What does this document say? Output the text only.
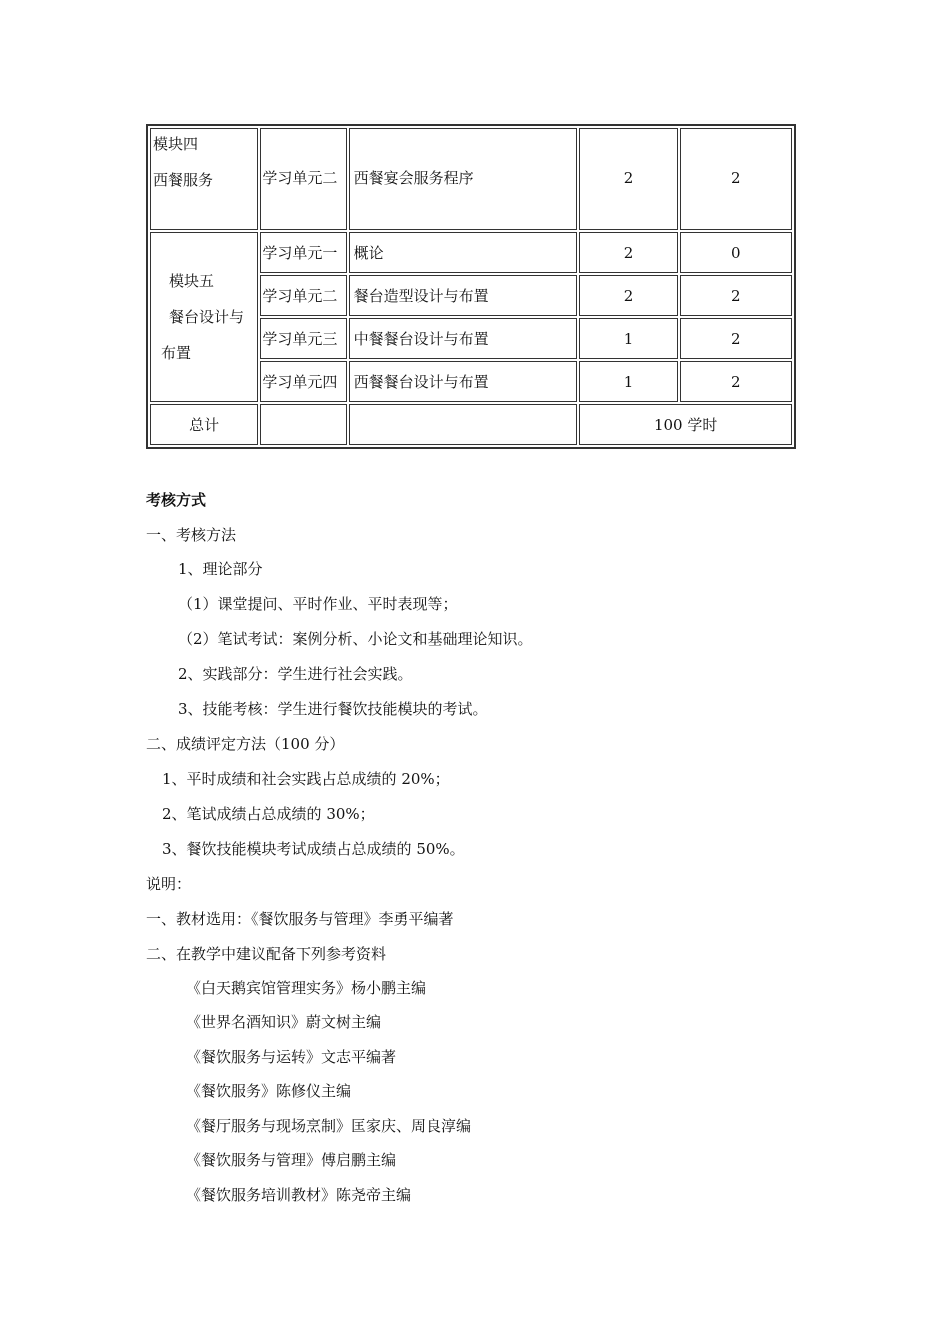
模块四
西餐服务	学习单元二	西餐宴会服务程序	2	2

模块五
餐台设计与
布置	学习单元一	概论	2	0
	学习单元二	餐台造型设计与布置	2	2
	学习单元三	中餐餐台设计与布置	1	2
	学习单元四	西餐餐台设计与布置	1	2
总计			100 学时	
考核方式
一、考核方法
1、理论部分
（1）课堂提问、平时作业、平时表现等；
（2）笔试考试：案例分析、小论文和基础理论知识。
2、实践部分：学生进行社会实践。
3、技能考核：学生进行餐饮技能模块的考试。
二、成绩评定方法（100 分）
1、平时成绩和社会实践占总成绩的 20%；
2、笔试成绩占总成绩的 30%；
3、餐饮技能模块考试成绩占总成绩的 50%。
说明：
一、教材选用：《餐饮服务与管理》李勇平编著
二、在教学中建议配备下列参考资料
《白天鹅宾馆管理实务》杨小鹏主编
《世界名酒知识》蔚文树主编
《餐饮服务与运转》文志平编著
《餐饮服务》陈修仪主编
《餐厅服务与现场烹制》匡家庆、周良淳编
《餐饮服务与管理》傅启鹏主编
《餐饮服务培训教材》陈尧帝主编
